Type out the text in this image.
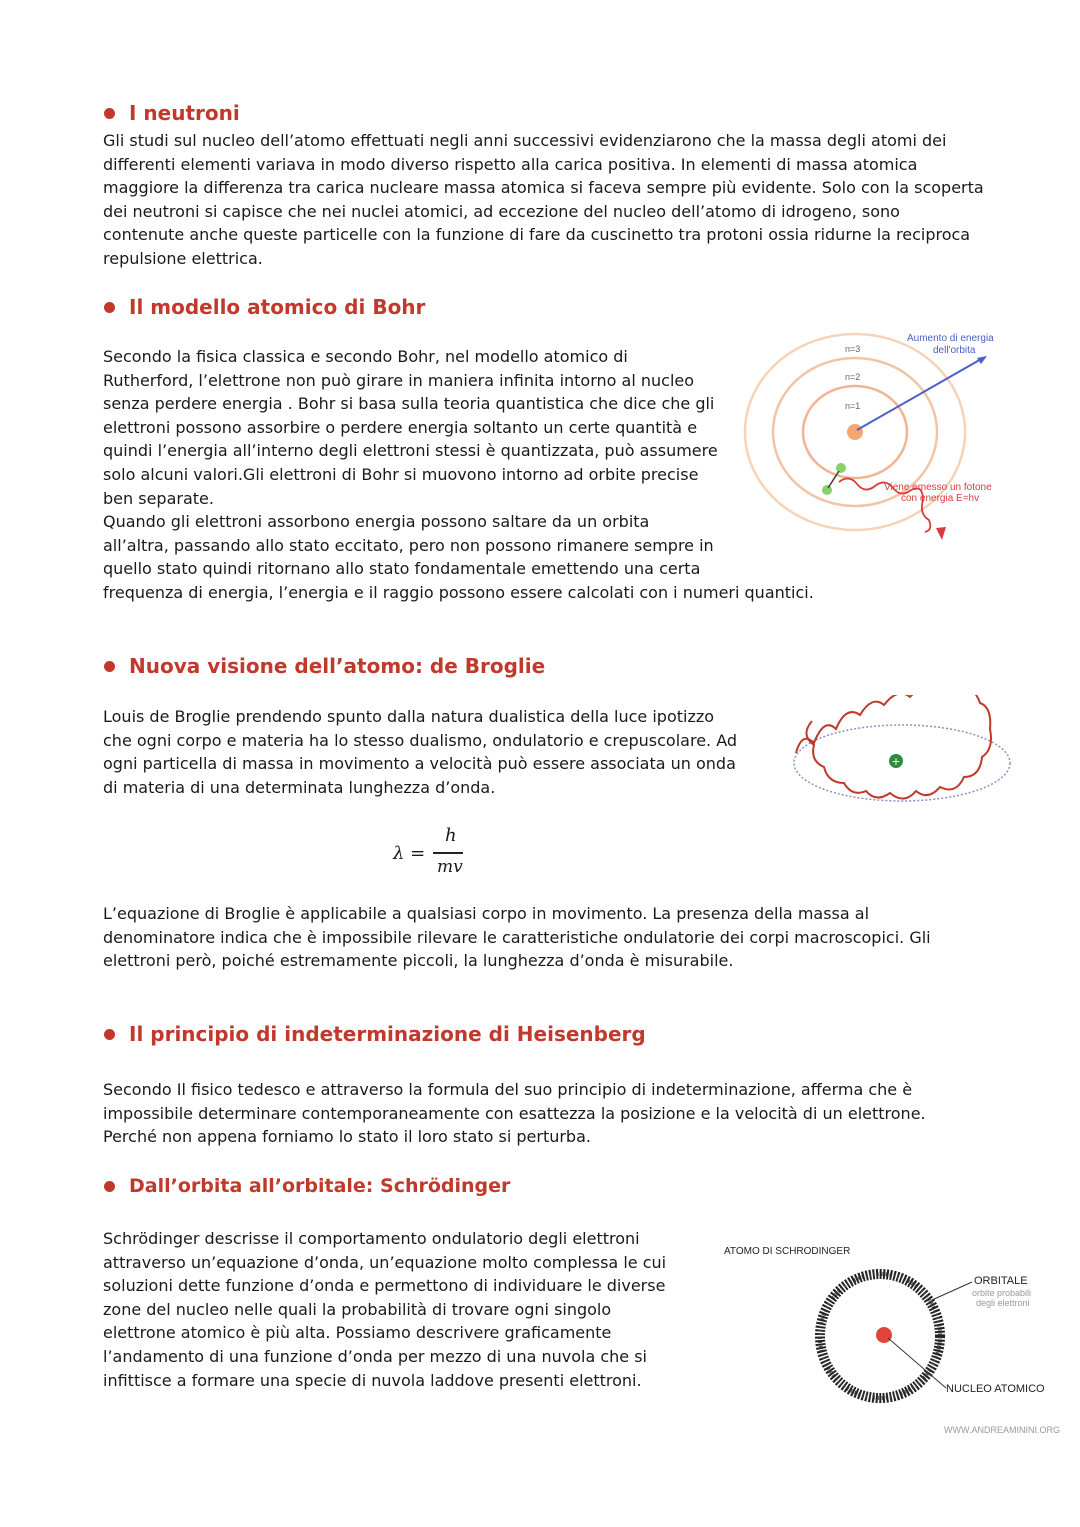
I neutroni
Gli studi sul nucleo dell’atomo effettuati negli anni successivi evidenziarono che la massa degli atomi dei
differenti elementi variava in modo diverso rispetto alla carica positiva. In elementi di massa atomica
maggiore la differenza tra carica nucleare massa atomica si faceva sempre più evidente. Solo con la scoperta
dei neutroni si capisce che nei nuclei atomici, ad eccezione del nucleo dell’atomo di idrogeno, sono
contenute anche queste particelle con la funzione di fare da cuscinetto tra protoni ossia ridurne la reciproca
repulsione elettrica.
Il modello atomico di Bohr
Secondo la fisica classica e secondo Bohr, nel modello atomico di
Rutherford, l’elettrone non può girare in maniera infinita intorno al nucleo
senza perdere energia . Bohr si basa sulla teoria quantistica che dice che gli
elettroni possono assorbire o perdere energia soltanto un certe quantità e
quindi l’energia all’interno degli elettroni stessi è quantizzata, può assumere
solo alcuni valori.Gli elettroni di Bohr si muovono intorno ad orbite precise
ben separate.
Quando gli elettroni assorbono energia possono saltare da un orbita
all’altra, passando allo stato eccitato, pero non possono rimanere sempre in
quello stato quindi ritornano allo stato fondamentale emettendo una certa
frequenza di energia, l’energia e il raggio possono essere calcolati con i numeri quantici.
n=3
n=2
n=1
Aumento di energia
dell'orbita
Viene emesso un fotone
con energia E=hv
Nuova visione dell’atomo: de Broglie
Louis de Broglie prendendo spunto dalla natura dualistica della luce ipotizzo
che ogni corpo e materia ha lo stesso dualismo, ondulatorio e crepuscolare. Ad
ogni particella di massa in movimento a velocità può essere associata un onda
di materia di una determinata lunghezza d’onda.
+
λ =
h
mv
L’equazione di Broglie è applicabile a qualsiasi corpo in movimento. La presenza della massa al
denominatore indica che è impossibile rilevare le caratteristiche ondulatorie dei corpi macroscopici. Gli
elettroni però, poiché estremamente piccoli, la lunghezza d’onda è misurabile.
Il principio di indeterminazione di Heisenberg
Secondo Il fisico tedesco e attraverso la formula del suo principio di indeterminazione, afferma che è
impossibile determinare contemporaneamente con esattezza la posizione e la velocità di un elettrone.
Perché non appena forniamo lo stato il loro stato si perturba.
Dall’orbita all’orbitale: Schrödinger
Schrödinger descrisse il comportamento ondulatorio degli elettroni
attraverso un’equazione d’onda, un’equazione molto complessa le cui
soluzioni dette funzione d’onda e permettono di individuare le diverse
zone del nucleo nelle quali la probabilità di trovare ogni singolo
elettrone atomico è più alta. Possiamo descrivere graficamente
l’andamento di una funzione d’onda per mezzo di una nuvola che si
infittisce a formare una specie di nuvola laddove presenti elettroni.
ATOMO DI SCHRODINGER
ORBITALE
orbite probabili
degli elettroni
NUCLEO ATOMICO
WWW.ANDREAMININI.ORG
